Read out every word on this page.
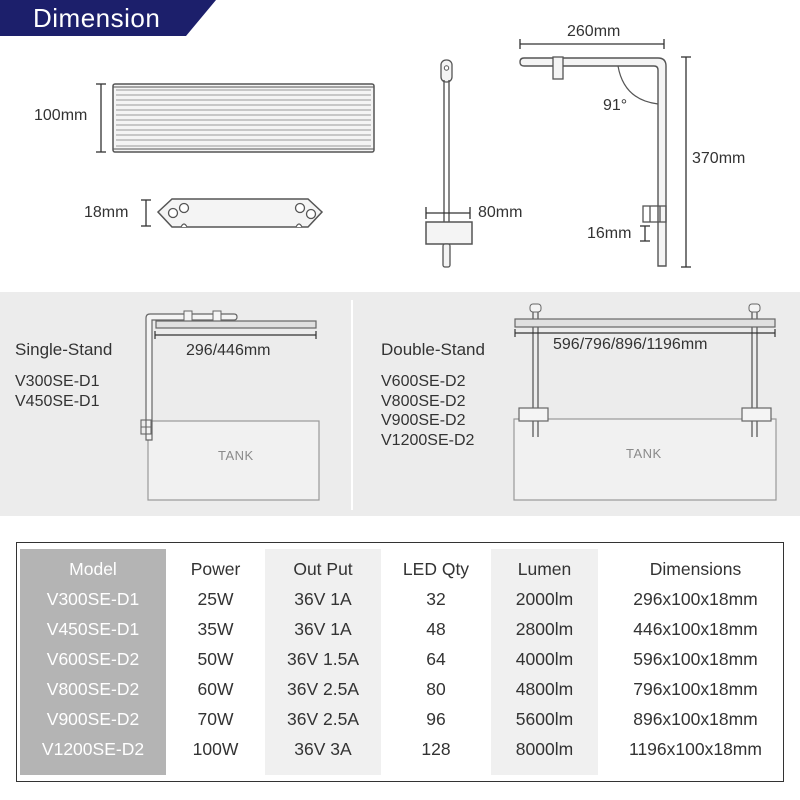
Dimension
100mm
18mm	80mm
260mm
91°
370mm
16mm
296/446mm
Single-Stand
V300SE-D1
V450SE-D1
TANK
596/796/896/1196mm
Double-Stand
V600SE-D2
V800SE-D2
V900SE-D2
V1200SE-D2
TANK
Model	Power	Out Put	LED Qty	Lumen	Dimensions
V300SE-D1	25W	36V 1A	32	2000lm	296x100x18mm
V450SE-D1	35W	36V 1A	48	2800lm	446x100x18mm
V600SE-D2	50W	36V 1.5A	64	4000lm	596x100x18mm
V800SE-D2	60W	36V 2.5A	80	4800lm	796x100x18mm
V900SE-D2	70W	36V 2.5A	96	5600lm	896x100x18mm
V1200SE-D2	100W	36V 3A	128	8000lm	1196x100x18mm
